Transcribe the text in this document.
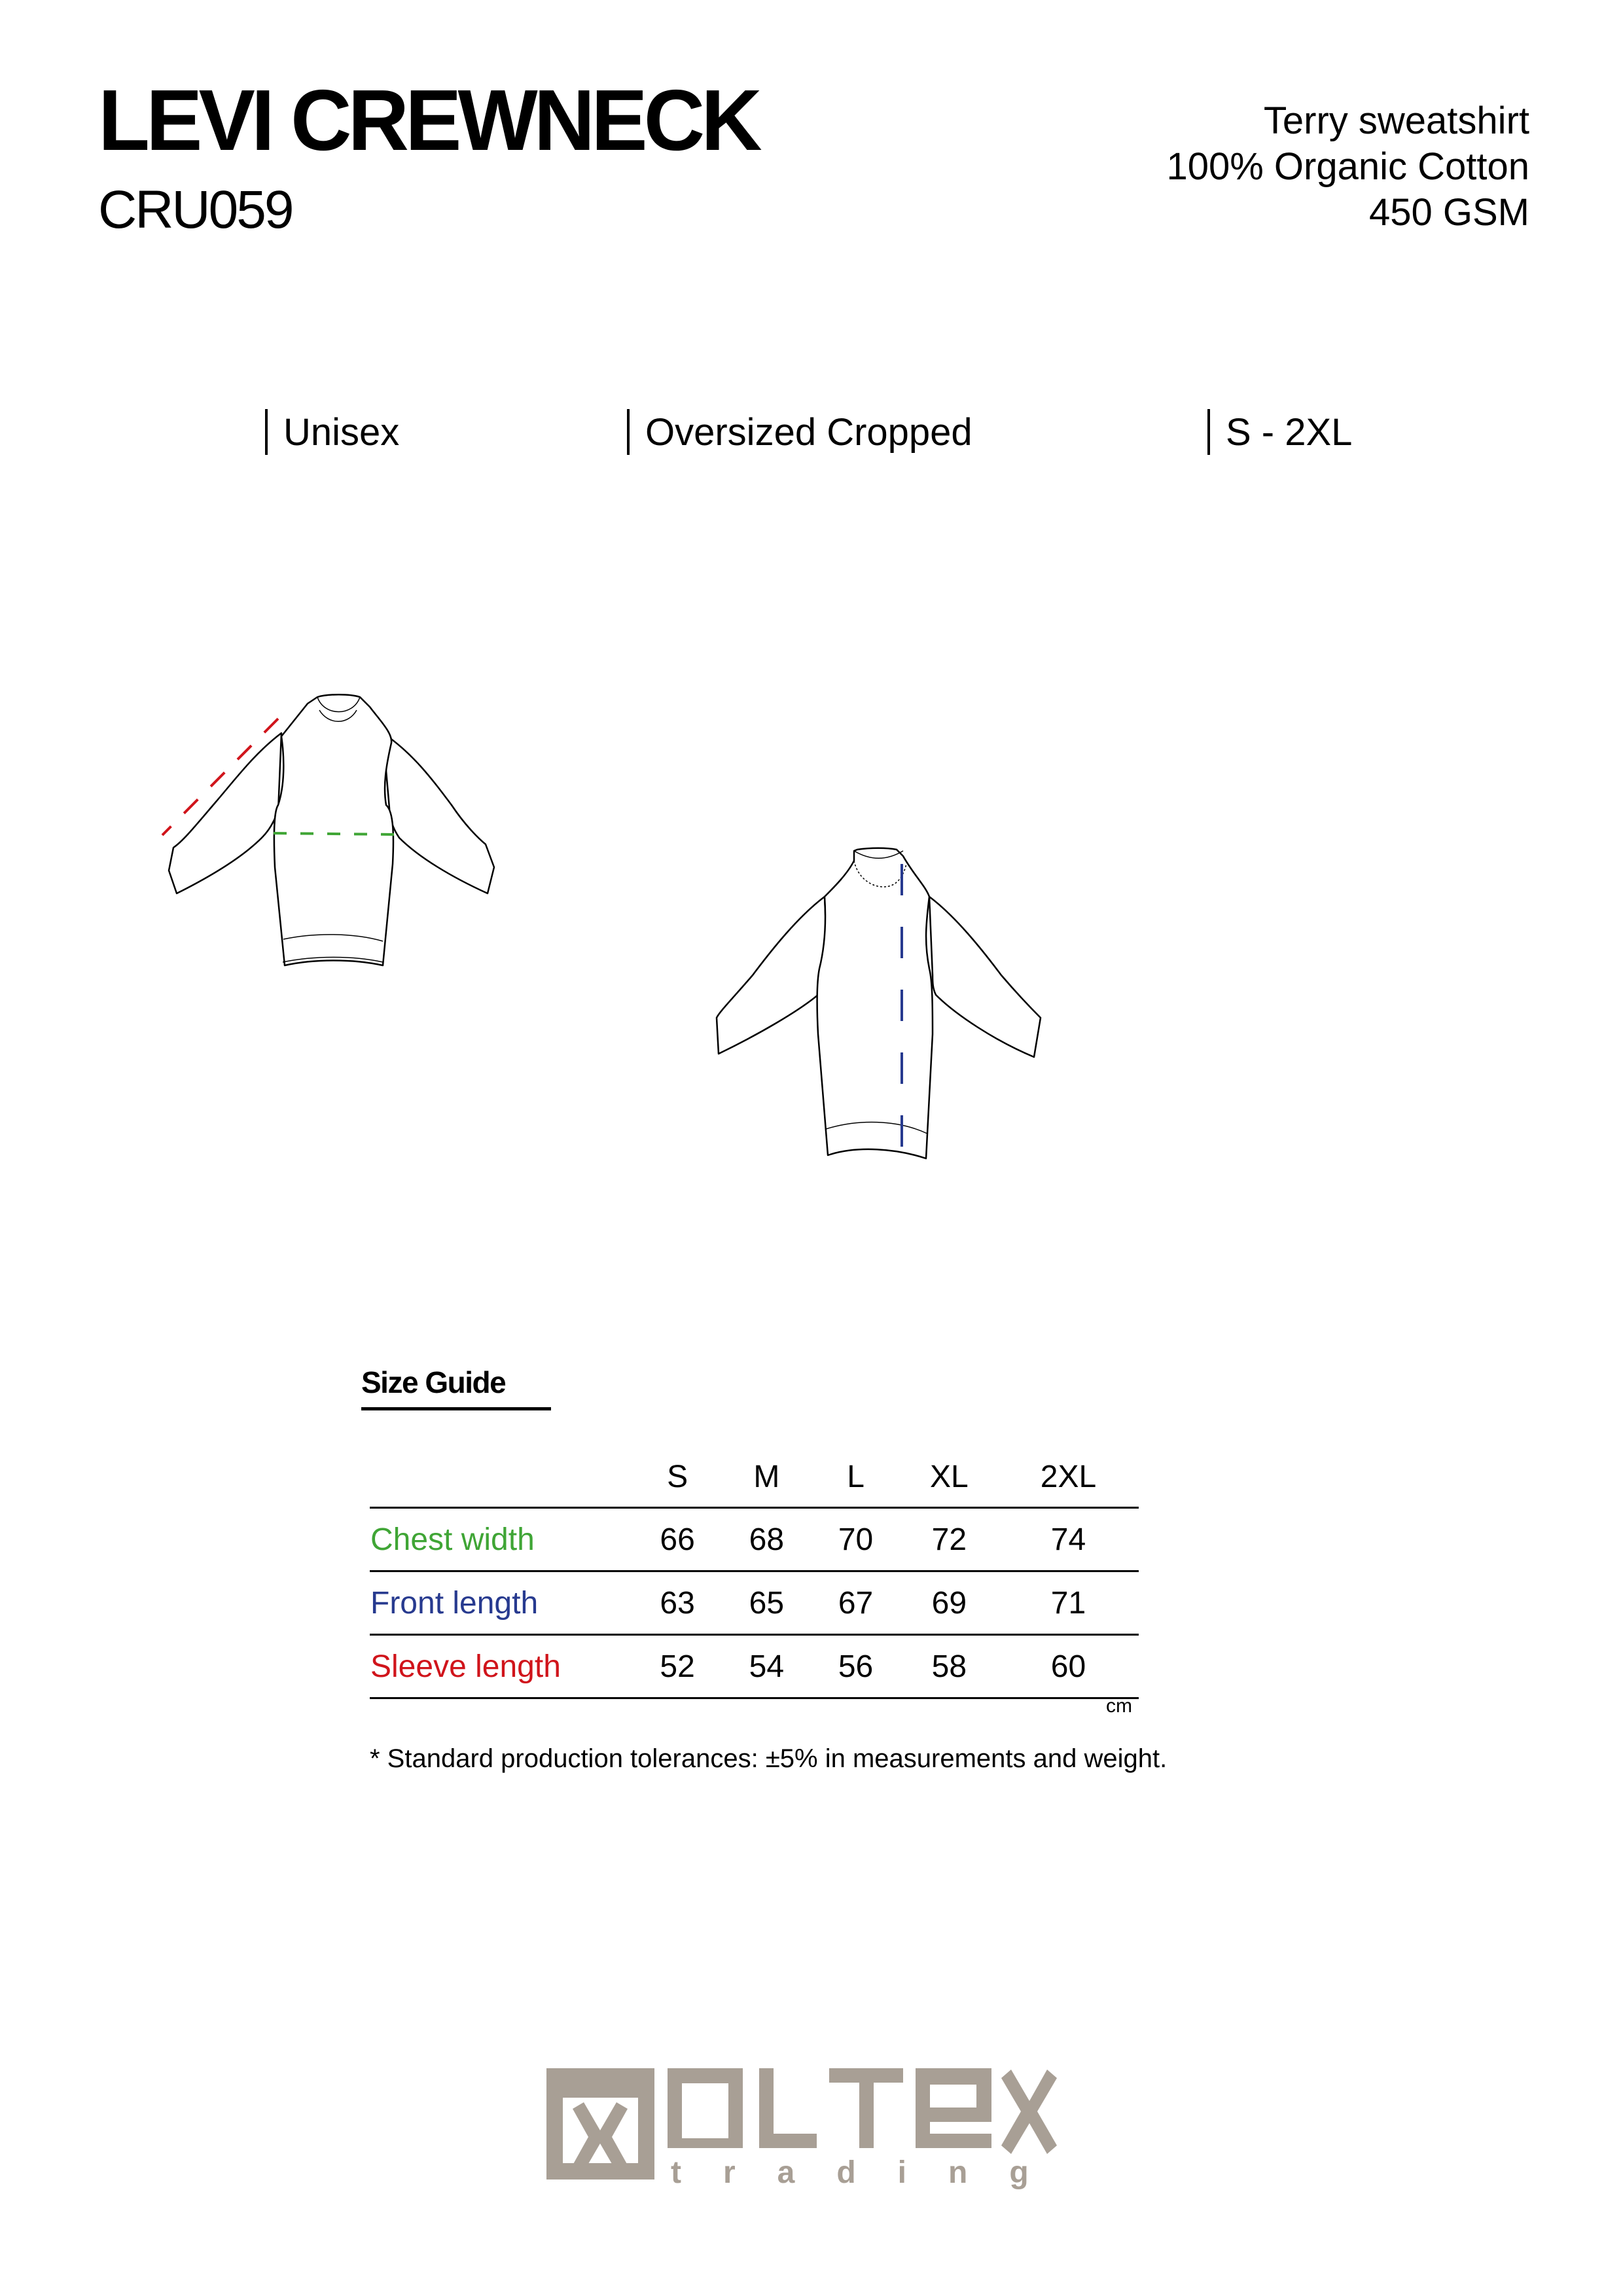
LEVI CREWNECK
CRU059
Terry sweatshirt
100% Organic Cotton
450 GSM
Unisex	Oversized Cropped	S - 2XL
Size Guide
	S	M	L	XL	2XL
Chest width	66	68	70	72	74
Front length	63	65	67	69	71
Sleeve length	52	54	56	58	60
cm
* Standard production tolerances: ±5% in measurements and weight.
trading
